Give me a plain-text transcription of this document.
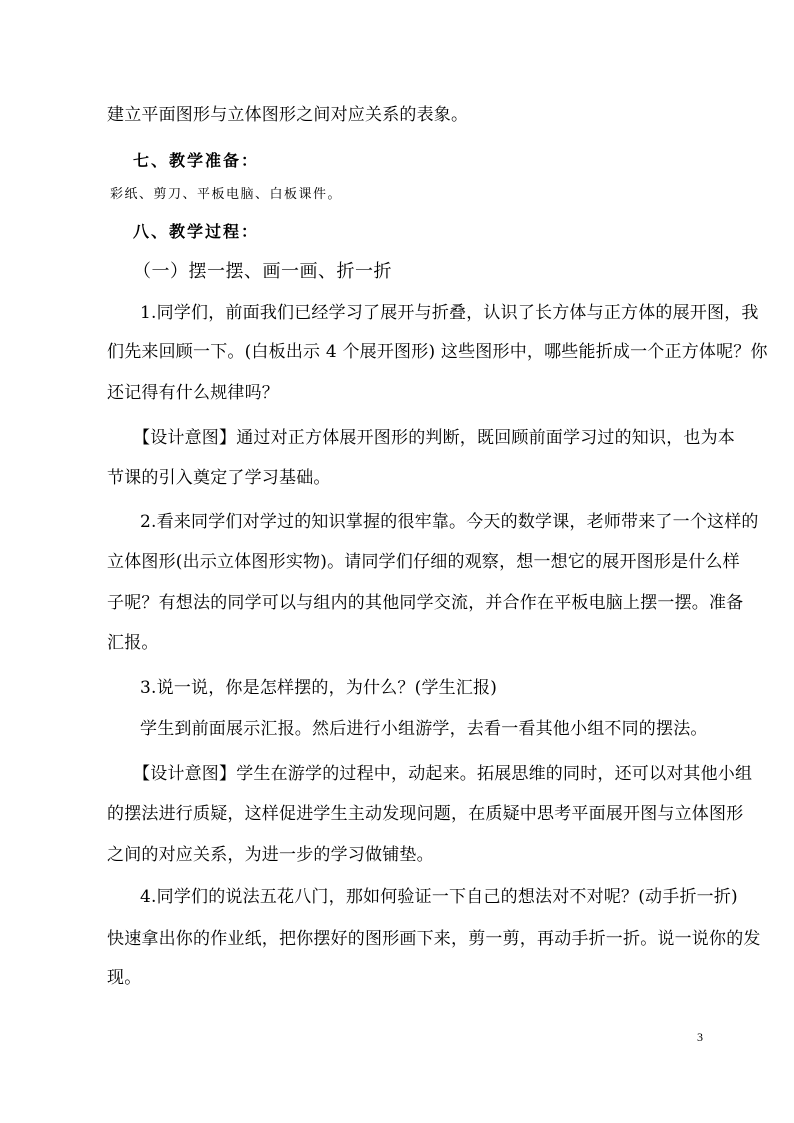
建立平面图形与立体图形之间对应关系的表象。
七、教学准备：
彩纸、剪刀、平板电脑、白板课件。
八、教学过程：
（一）摆一摆、画一画、折一折
1.同学们，前面我们已经学习了展开与折叠，认识了长方体与正方体的展开图，我
们先来回顾一下。(白板出示 4 个展开图形) 这些图形中，哪些能折成一个正方体呢？你
还记得有什么规律吗？
【设计意图】通过对正方体展开图形的判断，既回顾前面学习过的知识，也为本
节课的引入奠定了学习基础。
2.看来同学们对学过的知识掌握的很牢靠。今天的数学课，老师带来了一个这样的
立体图形(出示立体图形实物)。请同学们仔细的观察，想一想它的展开图形是什么样
子呢？有想法的同学可以与组内的其他同学交流，并合作在平板电脑上摆一摆。准备
汇报。
3.说一说，你是怎样摆的，为什么？(学生汇报)
学生到前面展示汇报。然后进行小组游学，去看一看其他小组不同的摆法。
【设计意图】学生在游学的过程中，动起来。拓展思维的同时，还可以对其他小组
的摆法进行质疑，这样促进学生主动发现问题，在质疑中思考平面展开图与立体图形
之间的对应关系，为进一步的学习做铺垫。
4.同学们的说法五花八门，那如何验证一下自己的想法对不对呢？(动手折一折)
快速拿出你的作业纸，把你摆好的图形画下来，剪一剪，再动手折一折。说一说你的发
现。
3
